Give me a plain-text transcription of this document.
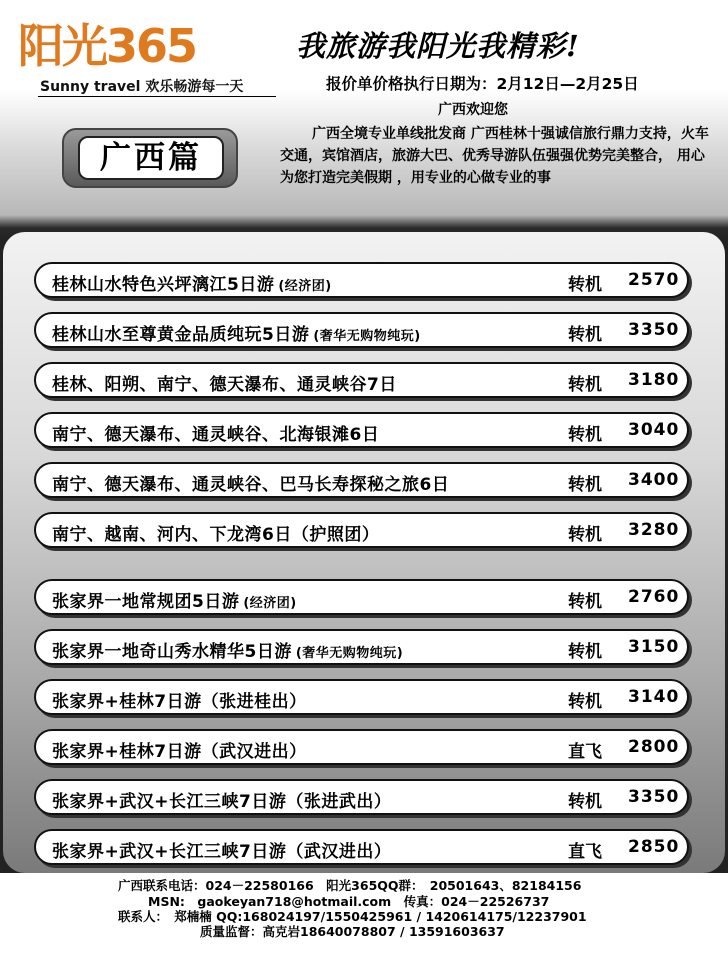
阳光365
Sunny travel 欢乐畅游每一天
我旅游我阳光我精彩!
报价单价格执行日期为：2月12日—2月25日
广西欢迎您
广西全境专业单线批发商 广西桂林十强诚信旅行鼎力支持，火车交通，宾馆酒店，旅游大巴、优秀导游队伍强强优势完美整合， 用心为您打造完美假期 ，用专业的心做专业的事
广西篇
桂林山水特色兴坪漓江5日游 (经济团)	转机 2570
桂林山水至尊黄金品质纯玩5日游 (奢华无购物纯玩)	转机 3350
桂林、阳朔、南宁、德天瀑布、通灵峡谷7日	转机 3180
南宁、德天瀑布、通灵峡谷、北海银滩6日	转机 3040
南宁、德天瀑布、通灵峡谷、巴马长寿探秘之旅6日	转机 3400
南宁、越南、河内、下龙湾6日（护照团）	转机 3280
张家界一地常规团5日游 (经济团)	转机 2760
张家界一地奇山秀水精华5日游 (奢华无购物纯玩)	转机 3150
张家界+桂林7日游（张进桂出）	转机 3140
张家界+桂林7日游（武汉进出）	直飞 2800
张家界+武汉+长江三峡7日游（张进武出）	转机 3350
张家界+武汉+长江三峡7日游（武汉进出）	直飞 2850
广西联系电话：024－22580166　阳光365QQ群：　20501643、82184156
MSN:　gaokeyan718@hotmail.com　传真：024－22526737
联系人：　郑楠楠 QQ:168024197/1550425961 / 1420614175/12237901
质量监督：高克岩18640078807 / 13591603637
